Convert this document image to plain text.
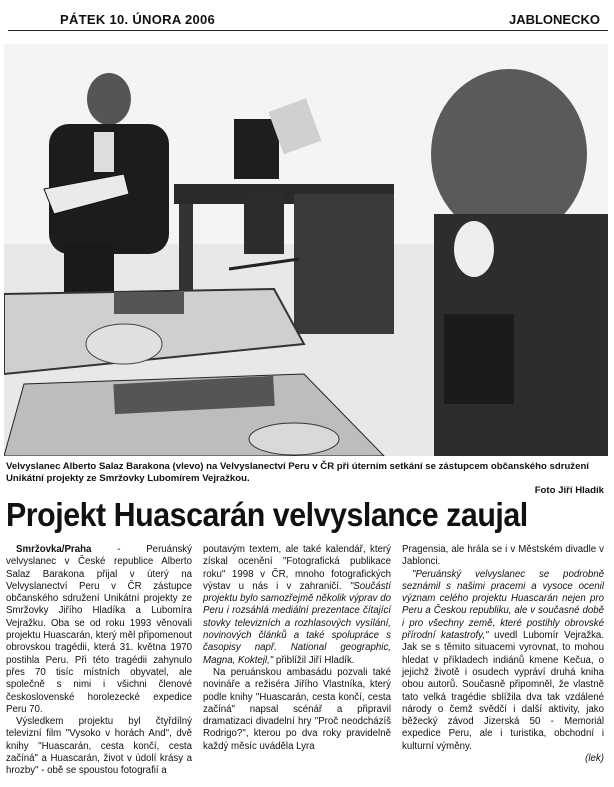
PÁTEK 10. ÚNORA 2006	JABLONECKO
Velvyslanec Alberto Salaz Barakona (vlevo) na Velvyslanectví Peru v ČR při úterním setkání se zástupcem občanského sdružení Unikátní projekty ze Smržovky Lubomírem Vejražkou.
Foto Jiří Hladík
Projekt Huascarán velvyslance zaujal

Smržovka/Praha - Peruánský velvyslanec v České republice Alberto Salaz Barakona přijal v úterý na Velvyslanectví Peru v ČR zástupce občanského sdružení Unikátní projekty ze Smržovky Jiřího Hladíka a Lubomíra Vejražku. Oba se od roku 1993 věnovali projektu Huascarán, který měl připomenout obrovskou tragédii, která 31. května 1970 postihla Peru. Při této tragédii zahynulo přes 70 tisíc místních obyvatel, ale společně s nimi i všichni členové československé horolezecké expedice Peru 70.

Výsledkem projektu byl čtyřdílný televizní film "Vysoko v horách And", dvě knihy "Huascarán, cesta končí, cesta začíná" a Huascarán, život v údolí krásy a hrozby" - obě se spoustou fotografií a

poutavým textem, ale také kalendář, který získal ocenění "Fotografická publikace roku" 1998 v ČR, mnoho fotografických výstav u nás i v zahraničí. "Součástí projektu bylo samozřejmě několik výprav do Peru i rozsáhlá mediální prezentace čítající stovky televizních a rozhlasových vysílání, novinových článků a také spolupráce s časopisy např. National geographic, Magna, Koktejl," přiblížil Jiří Hladík.

Na peruánskou ambasádu pozvali také novináře a režiséra Jiřího Vlastníka, který podle knihy "Huascarán, cesta končí, cesta začíná" napsal scénář a připravil dramatizaci divadelní hry "Proč neodcházíš Rodrigo?", kterou po dva roky pravidelně každý měsíc uváděla Lyra

Pragensia, ale hrála se i v Městském divadle v Jablonci.

"Peruánský velvyslanec se podrobně seznámil s našimi pracemi a vysoce ocenil význam celého projektu Huascarán nejen pro Peru a Českou republiku, ale v současné době i pro všechny země, které postihly obrovské přírodní katastrofy," uvedl Lubomír Vejražka. Jak se s těmito situacemi vyrovnat, to mohou hledat v příkladech indiánů kmene Kečua, o jejichž životě i osudech vypráví druhá kniha obou autorů. Současně připomněl, že vlastně tato velká tragédie sblížila dva tak vzdálené národy o čemž svědčí i další aktivity, jako běžecký závod Jizerská 50 - Memoriál expedice Peru, ale i turistika, obchodní i kulturní výměny.

(lek)
